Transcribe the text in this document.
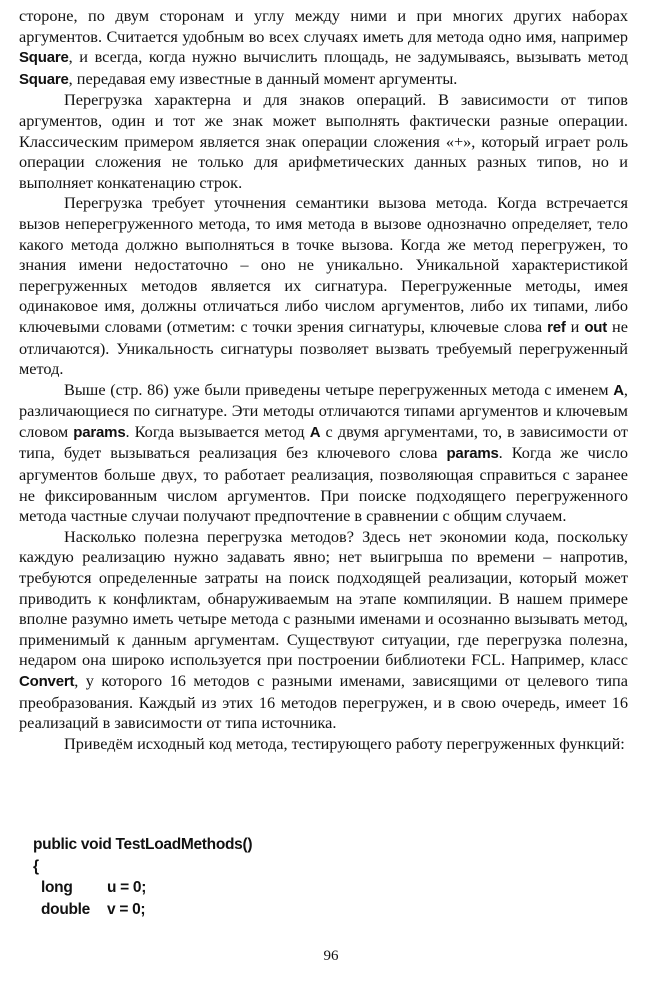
стороне, по двум сторонам и углу между ними и при многих других наборах аргументов. Считается удобным во всех случаях иметь для метода одно имя, например Square, и всегда, когда нужно вычислить площадь, не задумываясь, вызывать метод Square, передавая ему известные в данный момент аргументы.

Перегрузка характерна и для знаков операций. В зависимости от типов аргументов, один и тот же знак может выполнять фактически разные операции. Классическим примером является знак операции сложения «+», который играет роль операции сложения не только для арифметических данных разных типов, но и выполняет конкатенацию строк.

Перегрузка требует уточнения семантики вызова метода. Когда встречается вызов неперегруженного метода, то имя метода в вызове однозначно определяет, тело какого метода должно выполняться в точке вызова. Когда же метод перегружен, то знания имени недостаточно – оно не уникально. Уникальной характеристикой перегруженных методов является их сигнатура. Перегруженные методы, имея одинаковое имя, должны отличаться либо числом аргументов, либо их типами, либо ключевыми словами (отметим: с точки зрения сигнатуры, ключевые слова ref и out не отличаются). Уникальность сигнатуры позволяет вызвать требуемый перегруженный метод.

Выше (стр. 86) уже были приведены четыре перегруженных метода с именем A, различающиеся по сигнатуре. Эти методы отличаются типами аргументов и ключевым словом params. Когда вызывается метод A с двумя аргументами, то, в зависимости от типа, будет вызываться реализация без ключевого слова params. Когда же число аргументов больше двух, то работает реализация, позволяющая справиться с заранее не фиксированным числом аргументов. При поиске подходящего перегруженного метода частные случаи получают предпочтение в сравнении с общим случаем.

Насколько полезна перегрузка методов? Здесь нет экономии кода, поскольку каждую реализацию нужно задавать явно; нет выигрыша по времени – напротив, требуются определенные затраты на поиск подходящей реализации, который может приводить к конфликтам, обнаруживаемым на этапе компиляции. В нашем примере вполне разумно иметь четыре метода с разными именами и осознанно вызывать метод, применимый к данным аргументам. Существуют ситуации, где перегрузка полезна, недаром она широко используется при построении библиотеки FCL. Например, класс Convert, у которого 16 методов с разными именами, зависящими от целевого типа преобразования. Каждый из этих 16 методов перегружен, и в свою очередь, имеет 16 реализаций в зависимости от типа источника.

Приведём исходный код метода, тестирующего работу перегруженных функций:

public void TestLoadMethods()
{
long u = 0;
double v = 0;
96
